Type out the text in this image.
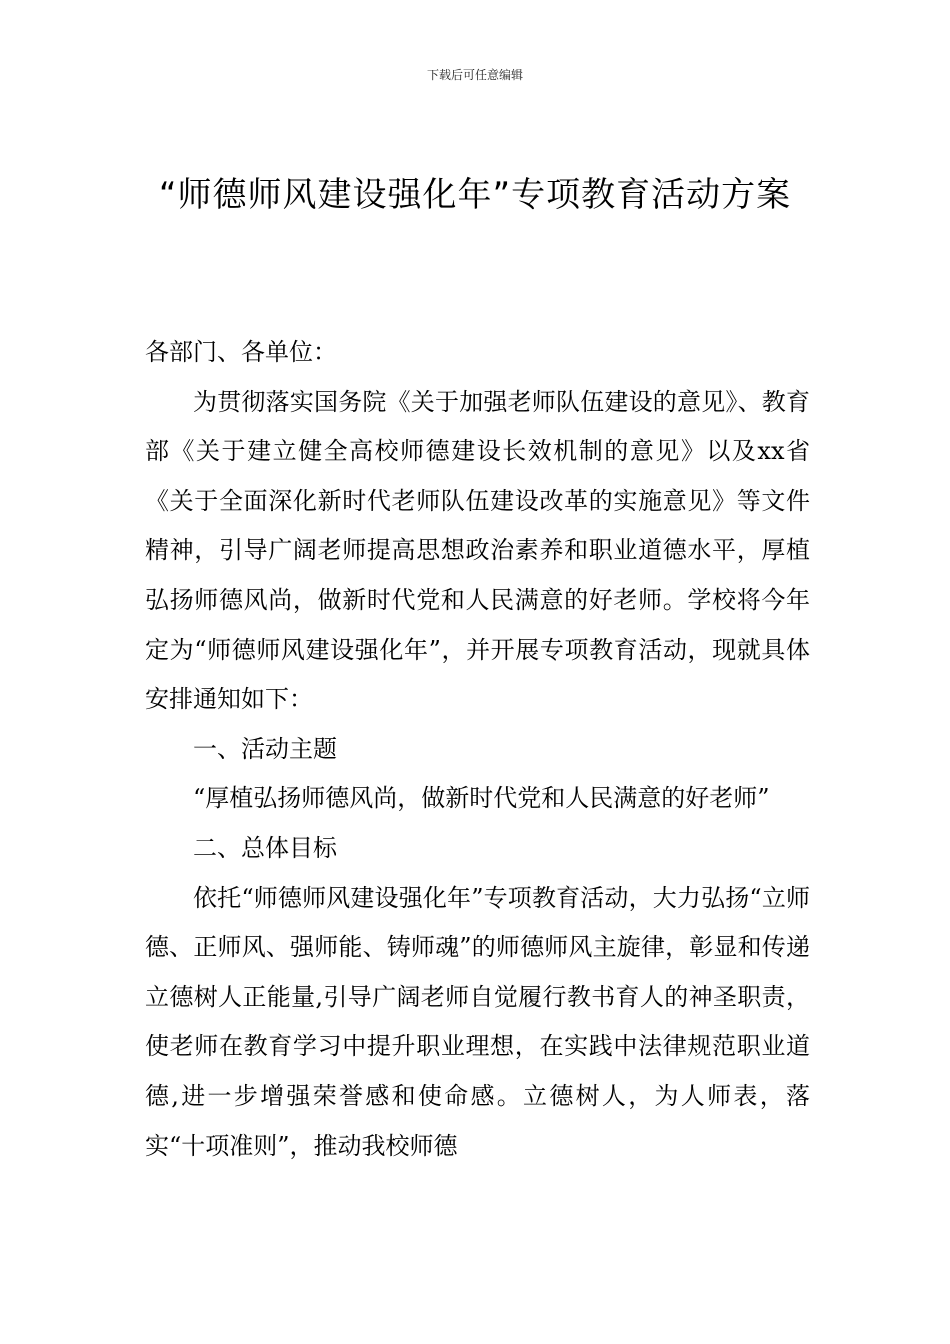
下载后可任意编辑
“师德师风建设强化年”专项教育活动方案

各部门、各单位：

为贯彻落实国务院《关于加强老师队伍建设的意见》、教育部《关于建立健全高校师德建设长效机制的意见》以及xx省《关于全面深化新时代老师队伍建设改革的实施意见》等文件精神，引导广阔老师提高思想政治素养和职业道德水平，厚植弘扬师德风尚，做新时代党和人民满意的好老师。学校将今年定为“师德师风建设强化年”，并开展专项教育活动，现就具体安排通知如下：

一、活动主题

“厚植弘扬师德风尚，做新时代党和人民满意的好老师”

二、总体目标

依托“师德师风建设强化年”专项教育活动，大力弘扬“立师德、正师风、强师能、铸师魂”的师德师风主旋律，彰显和传递立德树人正能量,引导广阔老师自觉履行教书育人的神圣职责，使老师在教育学习中提升职业理想，在实践中法律规范职业道德,进一步增强荣誉感和使命感。立德树人，为人师表，落实“十项准则”，推动我校师德
